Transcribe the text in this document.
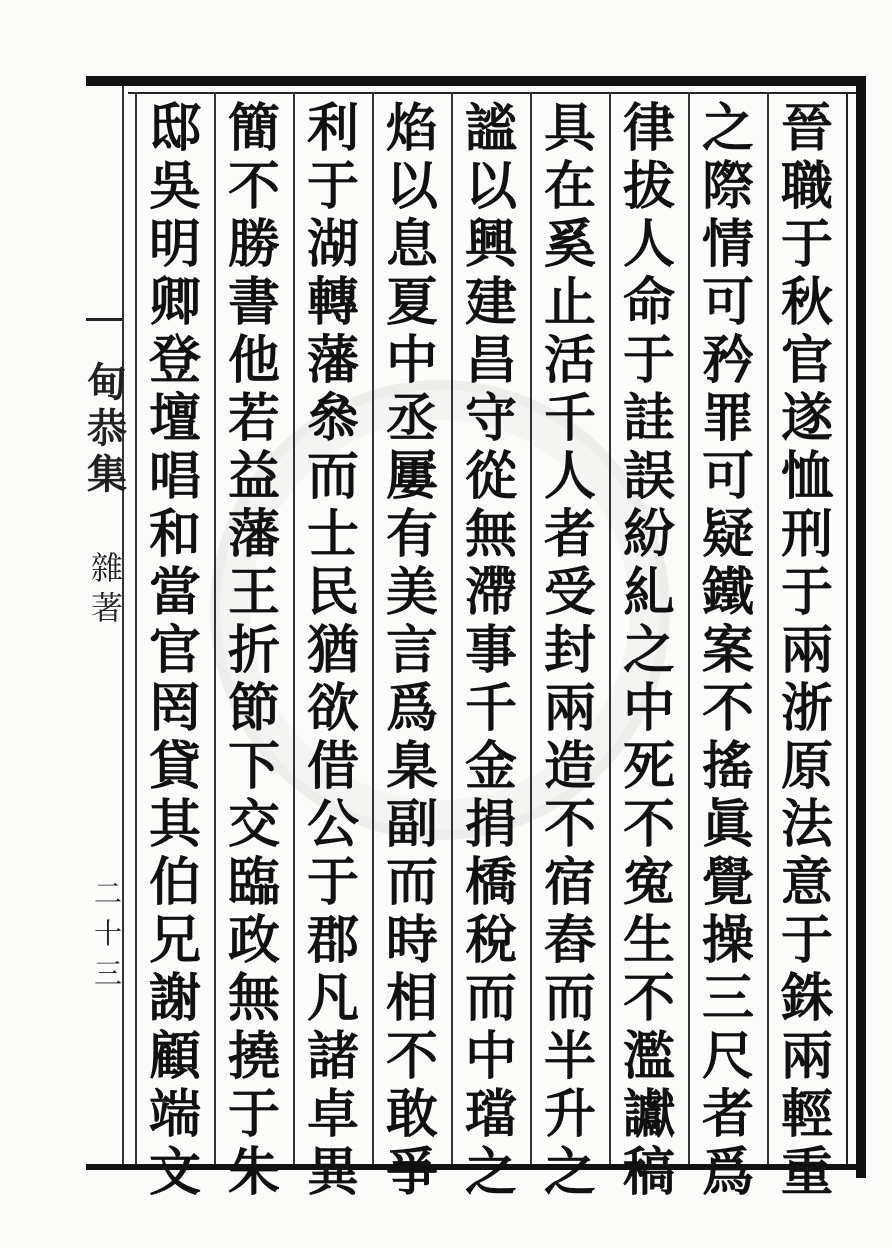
甸
恭
集
雜
著
二十三
晉
職
于
秋
官
遂
恤
刑
于
兩
浙
原
法
意
于
銖
兩
輕
重
之
際
情
可
矜
罪
可
疑
鐵
案
不
搖
眞
覺
操
三
尺
者
爲
律
拔
人
命
于
詿
誤
紛
糺
之
中
死
不
寃
生
不
濫
讞
稿
具
在
奚
止
活
千
人
者
受
封
兩
造
不
宿
舂
而
半
升
之
謐
以
興
建
昌
守
從
無
滯
事
千
金
捐
橋
稅
而
中
璫
之
焰
以
息
夏
中
丞
屢
有
美
言
爲
臬
副
而
時
相
不
敢
爭
利
于
湖
轉
藩
叅
而
士
民
猶
欲
借
公
于
郡
凡
諸
卓
異
簡
不
勝
書
他
若
益
藩
王
折
節
下
交
臨
政
無
撓
于
朱
邸
吳
明
卿
登
壇
唱
和
當
官
罔
貸
其
伯
兄
謝
顧
端
文
